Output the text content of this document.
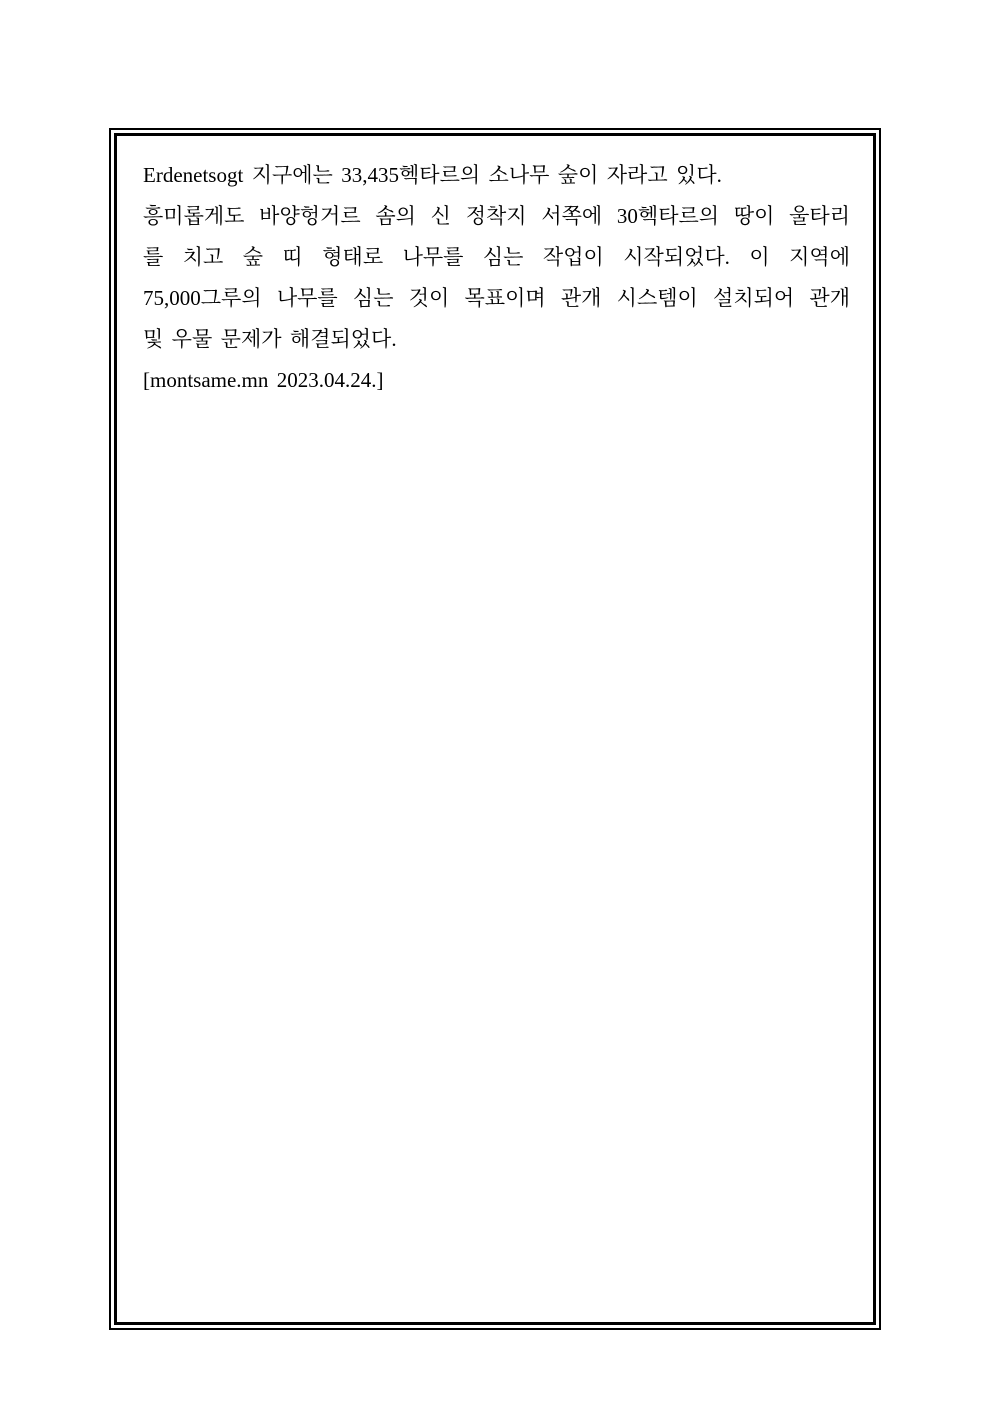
Erdenetsogt 지구에는 33,435헥타르의 소나무 숲이 자라고 있다.
흥미롭게도 바양헝거르 솜의 신 정착지 서쪽에 30헥타르의 땅이 울타리
를 치고 숲 띠 형태로 나무를 심는 작업이 시작되었다. 이 지역에
75,000그루의 나무를 심는 것이 목표이며 관개 시스템이 설치되어 관개
및 우물 문제가 해결되었다.
[montsame.mn 2023.04.24.]
